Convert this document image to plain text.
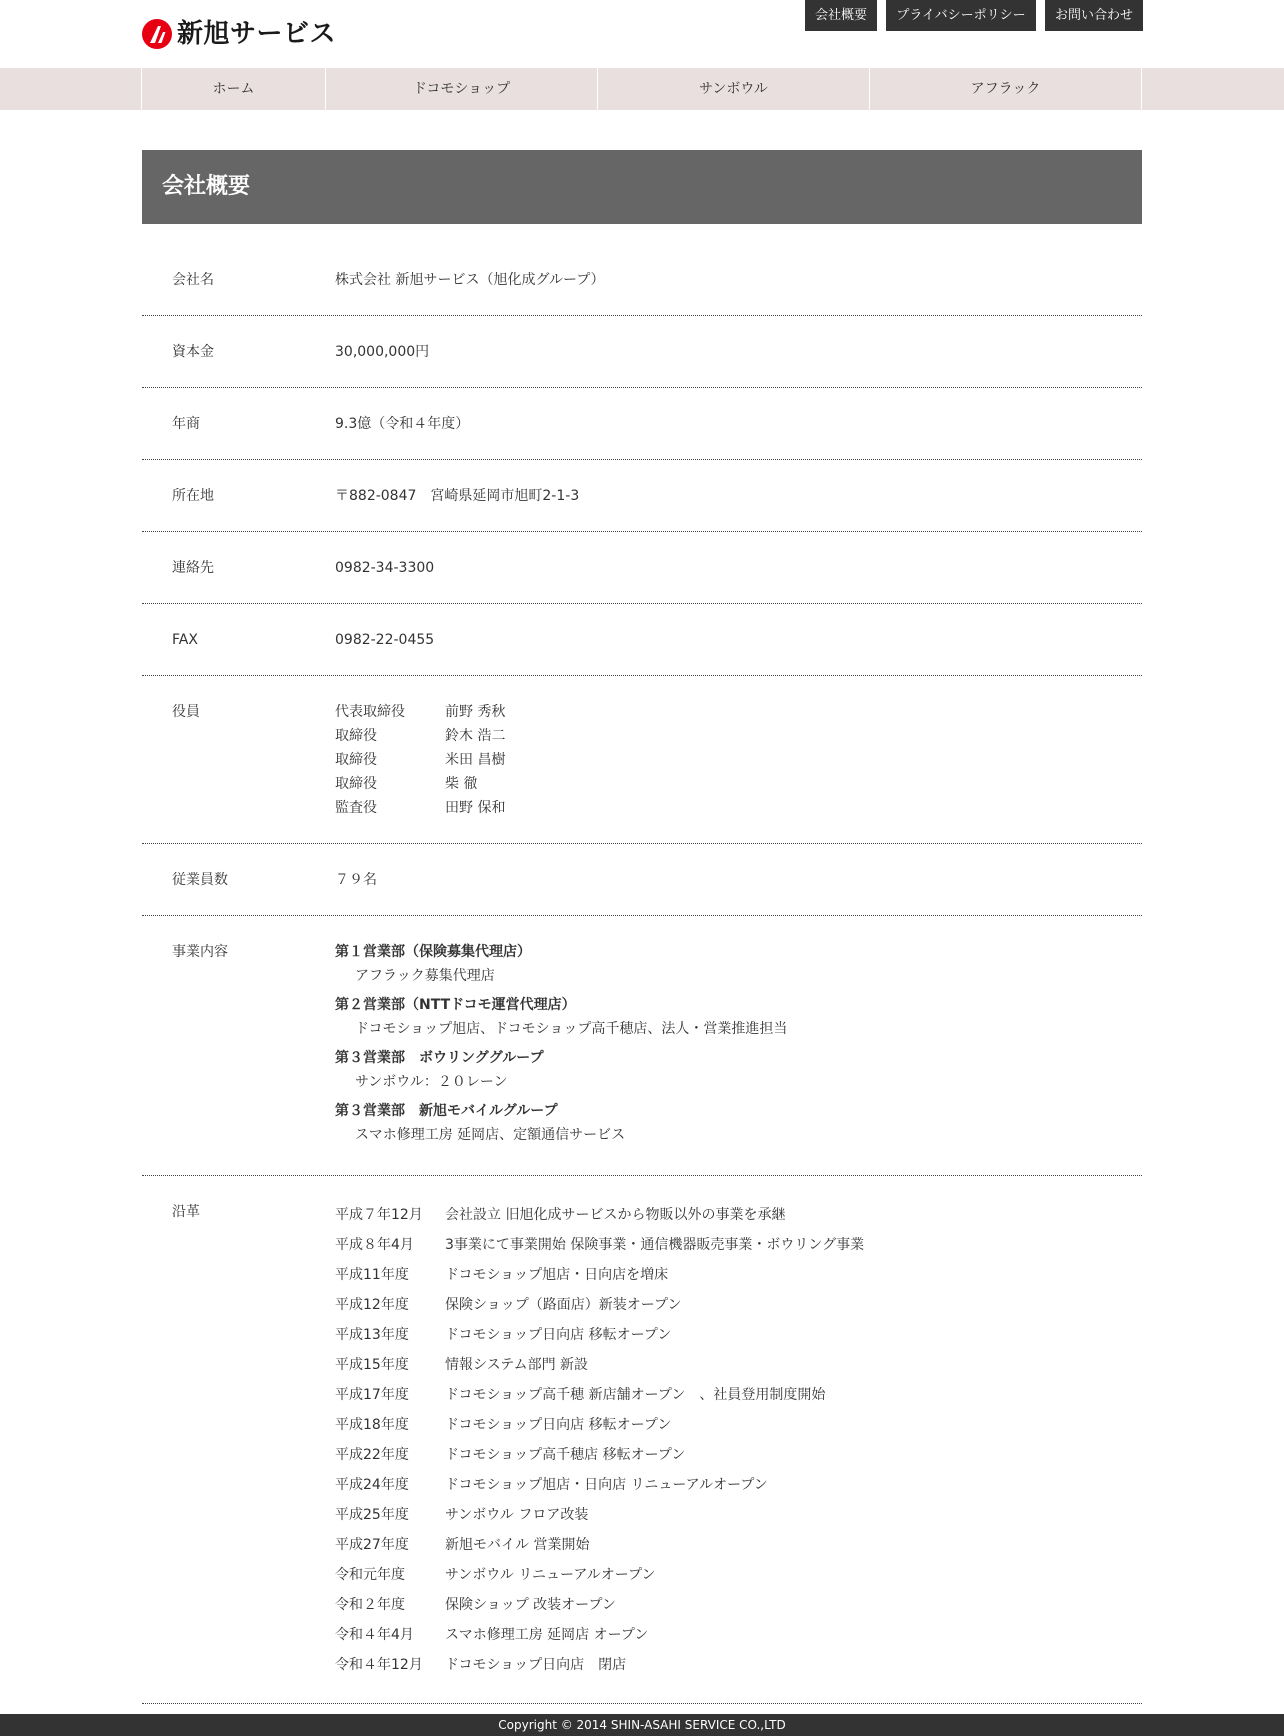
新旭サービス
会社概要	プライバシーポリシー	お問い合わせ
ホーム	ドコモショップ	サンボウル	アフラック
会社概要
会社名	株式会社 新旭サービス（旭化成グループ）
資本金	30,000,000円
年商	9.3億（令和４年度）
所在地	〒882-0847　宮崎県延岡市旭町2-1-3
連絡先	0982-34-3300
FAX	0982-22-0455
役員	代表取締役	前野 秀秋
取締役	鈴木 浩二
取締役	米田 昌樹
取締役	柴 徹
監査役	田野 保和
従業員数	７９名
事業内容	第１営業部（保険募集代理店）
アフラック募集代理店
第２営業部（NTTドコモ運営代理店）
ドコモショップ旭店、ドコモショップ高千穂店、法人・営業推進担当
第３営業部　ボウリンググループ
サンボウル：２０レーン
第３営業部　新旭モバイルグループ
スマホ修理工房 延岡店、定額通信サービス
沿革	平成７年12月	会社設立 旧旭化成サービスから物販以外の事業を承継
平成８年4月	3事業にて事業開始 保険事業・通信機器販売事業・ボウリング事業
平成11年度	ドコモショップ旭店・日向店を増床
平成12年度	保険ショップ（路面店）新装オープン
平成13年度	ドコモショップ日向店 移転オープン
平成15年度	情報システム部門 新設
平成17年度	ドコモショップ高千穂 新店舗オープン　、社員登用制度開始
平成18年度	ドコモショップ日向店 移転オープン
平成22年度	ドコモショップ高千穂店 移転オープン
平成24年度	ドコモショップ旭店・日向店 リニューアルオープン
平成25年度	サンボウル フロア改装
平成27年度	新旭モバイル 営業開始
令和元年度	サンボウル リニューアルオープン
令和２年度	保険ショップ 改装オープン
令和４年4月	スマホ修理工房 延岡店 オープン
令和４年12月	ドコモショップ日向店　閉店
Copyright © 2014 SHIN-ASAHI SERVICE CO.,LTD
